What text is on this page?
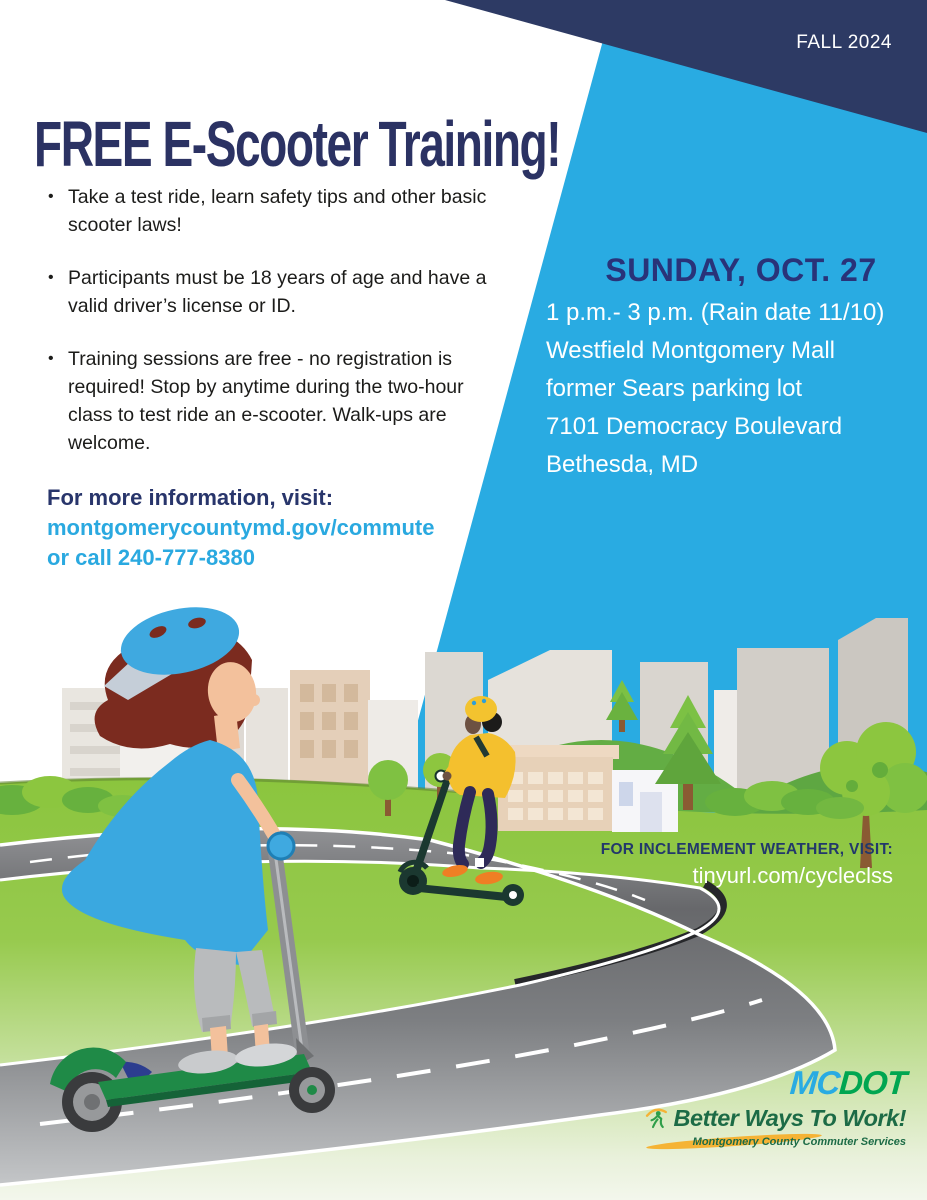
FALL 2024
FREE E-Scooter Training!
• Take a test ride, learn safety tips and other basic scooter laws!
• Participants must be 18 years of age and have a valid driver’s license or ID.
• Training sessions are free - no registration is required! Stop by anytime during the two-hour class to test ride an e-scooter. Walk-ups are welcome.
For more information, visit:
montgomerycountymd.gov/commute
or call 240-777-8380
SUNDAY, OCT. 27
1 p.m.- 3 p.m. (Rain date 11/10)
Westfield Montgomery Mall
former Sears parking lot
7101 Democracy Boulevard
Bethesda, MD
FOR INCLEMEMENT WEATHER, VISIT:
tinyurl.com/cycleclss
MCDOT
Better Ways To Work!
Montgomery County Commuter Services
